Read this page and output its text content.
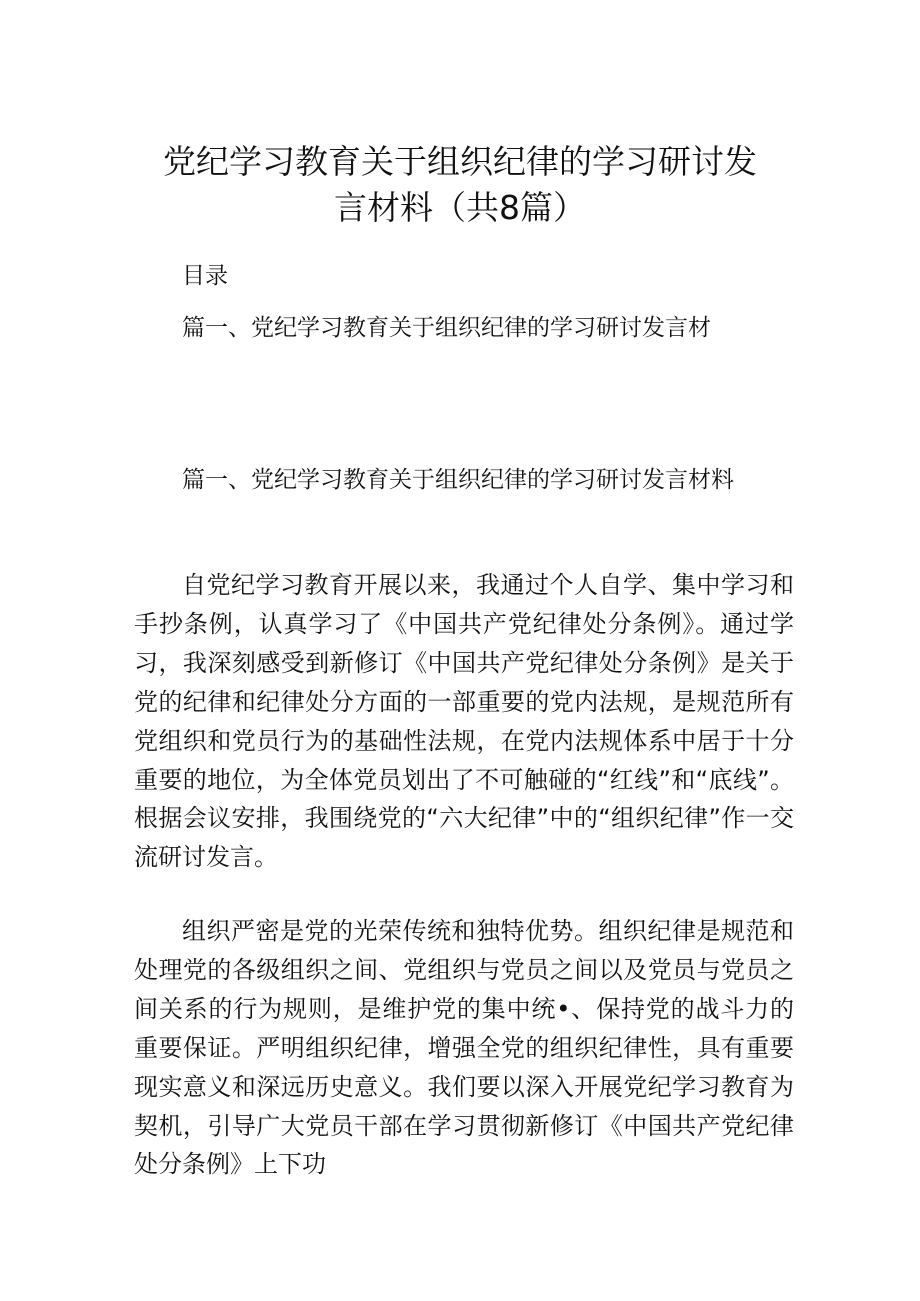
党纪学习教育关于组织纪律的学习研讨发
言材料（共8篇）
目录
篇一、党纪学习教育关于组织纪律的学习研讨发言材
篇一、党纪学习教育关于组织纪律的学习研讨发言材料

自党纪学习教育开展以来，我通过个人自学、集中学习和手抄条例，认真学习了《中国共产党纪律处分条例》。通过学习，我深刻感受到新修订《中国共产党纪律处分条例》是关于党的纪律和纪律处分方面的一部重要的党内法规，是规范所有党组织和党员行为的基础性法规，在党内法规体系中居于十分重要的地位，为全体党员划出了不可触碰的“红线”和“底线”。根据会议安排，我围绕党的“六大纪律”中的“组织纪律”作一交流研讨发言。

组织严密是党的光荣传统和独特优势。组织纪律是规范和处理党的各级组织之间、党组织与党员之间以及党员与党员之间关系的行为规则，是维护党的集中统•、保持党的战斗力的重要保证。严明组织纪律，增强全党的组织纪律性，具有重要现实意义和深远历史意义。我们要以深入开展党纪学习教育为契机，引导广大党员干部在学习贯彻新修订《中国共产党纪律处分条例》上下功
